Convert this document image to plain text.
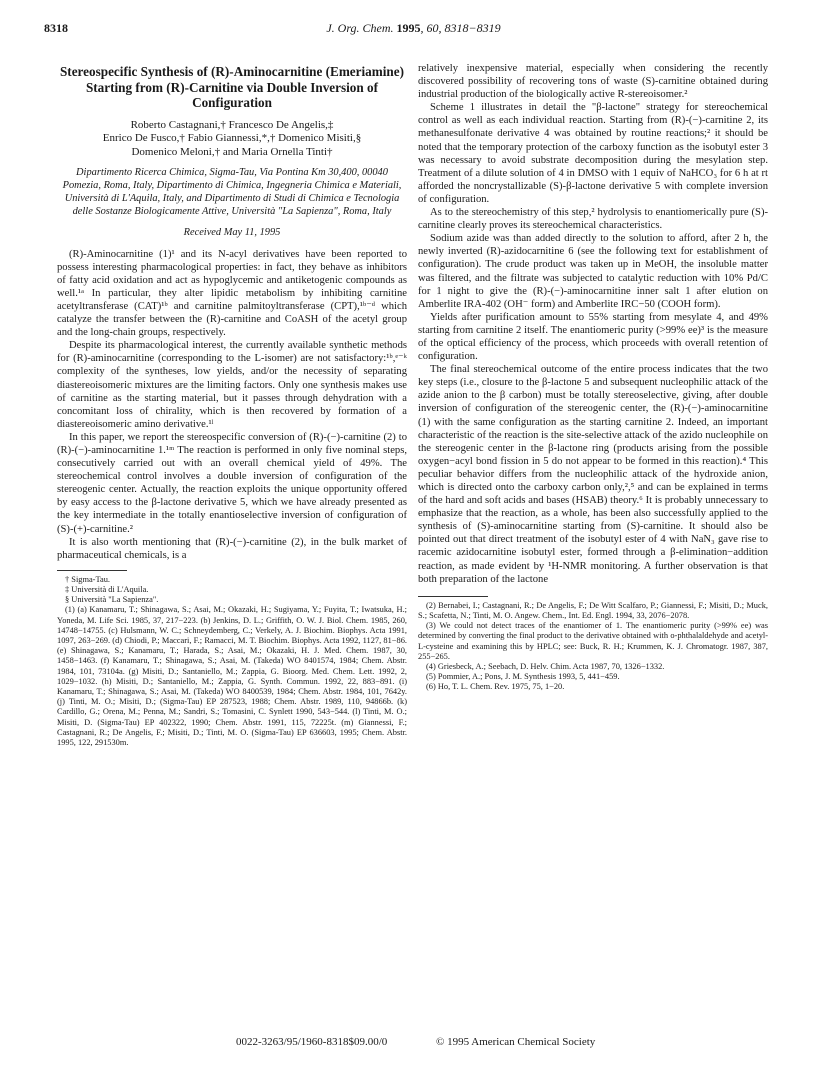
8318	J. Org. Chem. 1995, 60, 8318−8319
Stereospecific Synthesis of (R)-Aminocarnitine (Emeriamine) Starting from (R)-Carnitine via Double Inversion of Configuration
Roberto Castagnani,† Francesco De Angelis,‡
Enrico De Fusco,† Fabio Giannessi,*,† Domenico Misiti,§
Domenico Meloni,† and Maria Ornella Tinti†
Dipartimento Ricerca Chimica, Sigma-Tau, Via Pontina Km 30,400, 00040 Pomezia, Roma, Italy, Dipartimento di Chimica, Ingegneria Chimica e Materiali, Università di L'Aquila, Italy, and Dipartimento di Studi di Chimica e Tecnologia delle Sostanze Biologicamente Attive, Università "La Sapienza", Roma, Italy
Received May 11, 1995

(R)-Aminocarnitine (1)¹ and its N-acyl derivatives have been reported to possess interesting pharmacological properties: in fact, they behave as inhibitors of fatty acid oxidation and act as hypoglycemic and antiketogenic compounds as well.¹ᵃ In particular, they alter lipidic metabolism by inhibiting carnitine acetyltransferase (CAT)¹ᵇ and carnitine palmitoyltransferase (CPT),¹ᵇ⁻ᵈ which catalyze the transfer between the (R)-carnitine and CoASH of the acetyl group and the long-chain groups, respectively.

Despite its pharmacological interest, the currently available synthetic methods for (R)-aminocarnitine (corresponding to the L-isomer) are not satisfactory:¹ᵇ,ᵉ⁻ᵏ complexity of the syntheses, low yields, and/or the necessity of separating diastereoisomeric mixtures are the limiting factors. Only one synthesis makes use of carnitine as the starting material, but it passes through dehydration with a concomitant loss of chirality, which is then recovered by formation of a diastereoisomeric amino derivative.¹ˡ

In this paper, we report the stereospecific conversion of (R)-(−)-carnitine (2) to (R)-(−)-aminocarnitine 1.¹ᵐ The reaction is performed in only five nominal steps, consecutively carried out with an overall chemical yield of 49%. The stereochemical control involves a double inversion of configuration of the stereogenic center. Actually, the reaction exploits the unique opportunity offered by easy access to the β-lactone derivative 5, which we have already presented as the key intermediate in the totally enantioselective inversion of configuration of (S)-(+)-carnitine.²

It is also worth mentioning that (R)-(−)-carnitine (2), in the bulk market of pharmaceutical chemicals, is a

† Sigma-Tau.
‡ Università di L'Aquila.
§ Università "La Sapienza".
(1) (a) Kanamaru, T.; Shinagawa, S.; Asai, M.; Okazaki, H.; Sugiyama, Y.; Fuyita, T.; Iwatsuka, H.; Yoneda, M. Life Sci. 1985, 37, 217−223. (b) Jenkins, D. L.; Griffith, O. W. J. Biol. Chem. 1985, 260, 14748−14755. (c) Hulsmann, W. C.; Schneydemberg, C.; Verkely, A. J. Biochim. Biophys. Acta 1991, 1097, 263−269. (d) Chiodi, P.; Maccari, F.; Ramacci, M. T. Biochim. Biophys. Acta 1992, 1127, 81−86. (e) Shinagawa, S.; Kanamaru, T.; Harada, S.; Asai, M.; Okazaki, H. J. Med. Chem. 1987, 30, 1458−1463. (f) Kanamaru, T.; Shinagawa, S.; Asai, M. (Takeda) WO 8401574, 1984; Chem. Abstr. 1984, 101, 73104a. (g) Misiti, D.; Santaniello, M.; Zappia, G. Bioorg. Med. Chem. Lett. 1992, 2, 1029−1032. (h) Misiti, D.; Santaniello, M.; Zappia, G. Synth. Commun. 1992, 22, 883−891. (i) Kanamaru, T.; Shinagawa, S.; Asai, M. (Takeda) WO 8400539, 1984; Chem. Abstr. 1984, 101, 7642y. (j) Tinti, M. O.; Misiti, D.; (Sigma-Tau) EP 287523, 1988; Chem. Abstr. 1989, 110, 94866b. (k) Cardillo, G.; Orena, M.; Penna, M.; Sandri, S.; Tomasini, C. Synlett 1990, 543−544. (l) Tinti, M. O.; Misiti, D. (Sigma-Tau) EP 402322, 1990; Chem. Abstr. 1991, 115, 72225t. (m) Giannessi, F.; Castagnani, R.; De Angelis, F.; Misiti, D.; Tinti, M. O. (Sigma-Tau) EP 636603, 1995; Chem. Abstr. 1995, 122, 291530m.

relatively inexpensive material, especially when considering the recently discovered possibility of recovering tons of waste (S)-carnitine obtained during industrial production of the biologically active R-stereoisomer.²

Scheme 1 illustrates in detail the "β-lactone" strategy for stereochemical control as well as each individual reaction. Starting from (R)-(−)-carnitine 2, its methanesulfonate derivative 4 was obtained by routine reactions;² it should be noted that the temporary protection of the carboxy function as the isobutyl ester 3 was necessary to avoid substrate decomposition during the mesylation step. Treatment of a dilute solution of 4 in DMSO with 1 equiv of NaHCO₃ for 6 h at rt afforded the noncrystallizable (S)-β-lactone derivative 5 with complete inversion of configuration.

As to the stereochemistry of this step,² hydrolysis to enantiomerically pure (S)-carnitine clearly proves its stereochemical characteristics.

Sodium azide was than added directly to the solution to afford, after 2 h, the newly inverted (R)-azidocarnitine 6 (see the following text for establishment of configuration). The crude product was taken up in MeOH, the insoluble matter was filtered, and the filtrate was subjected to catalytic reduction with 10% Pd/C for 1 night to give the (R)-(−)-aminocarnitine inner salt 1 after elution on Amberlite IRA-402 (OH⁻ form) and Amberlite IRC−50 (COOH form).

Yields after purification amount to 55% starting from mesylate 4, and 49% starting from carnitine 2 itself. The enantiomeric purity (>99% ee)³ is the measure of the optical efficiency of the process, which proceeds with overall retention of configuration.

The final stereochemical outcome of the entire process indicates that the two key steps (i.e., closure to the β-lactone 5 and subsequent nucleophilic attack of the azide anion to the β carbon) must be totally stereoselective, giving, after double inversion of configuration of the stereogenic center, the (R)-(−)-aminocarnitine (1) with the same configuration as the starting carnitine 2. Indeed, an important characteristic of the reaction is the site-selective attack of the azido nucleophile on the stereogenic center in the β-lactone ring (products arising from the possible oxygen−acyl bond fission in 5 do not appear to be formed in this reaction).⁴ This peculiar behavior differs from the nucleophilic attack of the hydroxide anion, which is directed onto the carboxy carbon only,²,⁵ and can be explained in terms of the hard and soft acids and bases (HSAB) theory.⁶ It is probably unnecessary to emphasize that the reaction, as a whole, has been also successfully applied to the synthesis of (S)-aminocarnitine starting from (S)-carnitine. It should also be pointed out that direct treatment of the isobutyl ester of 4 with NaN₃ gave rise to racemic azidocarnitine isobutyl ester, formed through a β-elimination−addition reaction, as made evident by ¹H-NMR monitoring. A further observation is that both preparation of the lactone

(2) Bernabei, I.; Castagnani, R.; De Angelis, F.; De Witt Scalfaro, P.; Giannessi, F.; Misiti, D.; Muck, S.; Scafetta, N.; Tinti, M. O. Angew. Chem., Int. Ed. Engl. 1994, 33, 2076−2078.
(3) We could not detect traces of the enantiomer of 1. The enantiomeric purity (>99% ee) was determined by converting the final product to the derivative obtained with o-phthalaldehyde and acetyl-L-cysteine and examining this by HPLC; see: Buck, R. H.; Krummen, K. J. Chromatogr. 1987, 387, 255−265.
(4) Griesbeck, A.; Seebach, D. Helv. Chim. Acta 1987, 70, 1326−1332.
(5) Pommier, A.; Pons, J. M. Synthesis 1993, 5, 441−459.
(6) Ho, T. L. Chem. Rev. 1975, 75, 1−20.
0022-3263/95/1960-8318$09.00/0	© 1995 American Chemical Society
